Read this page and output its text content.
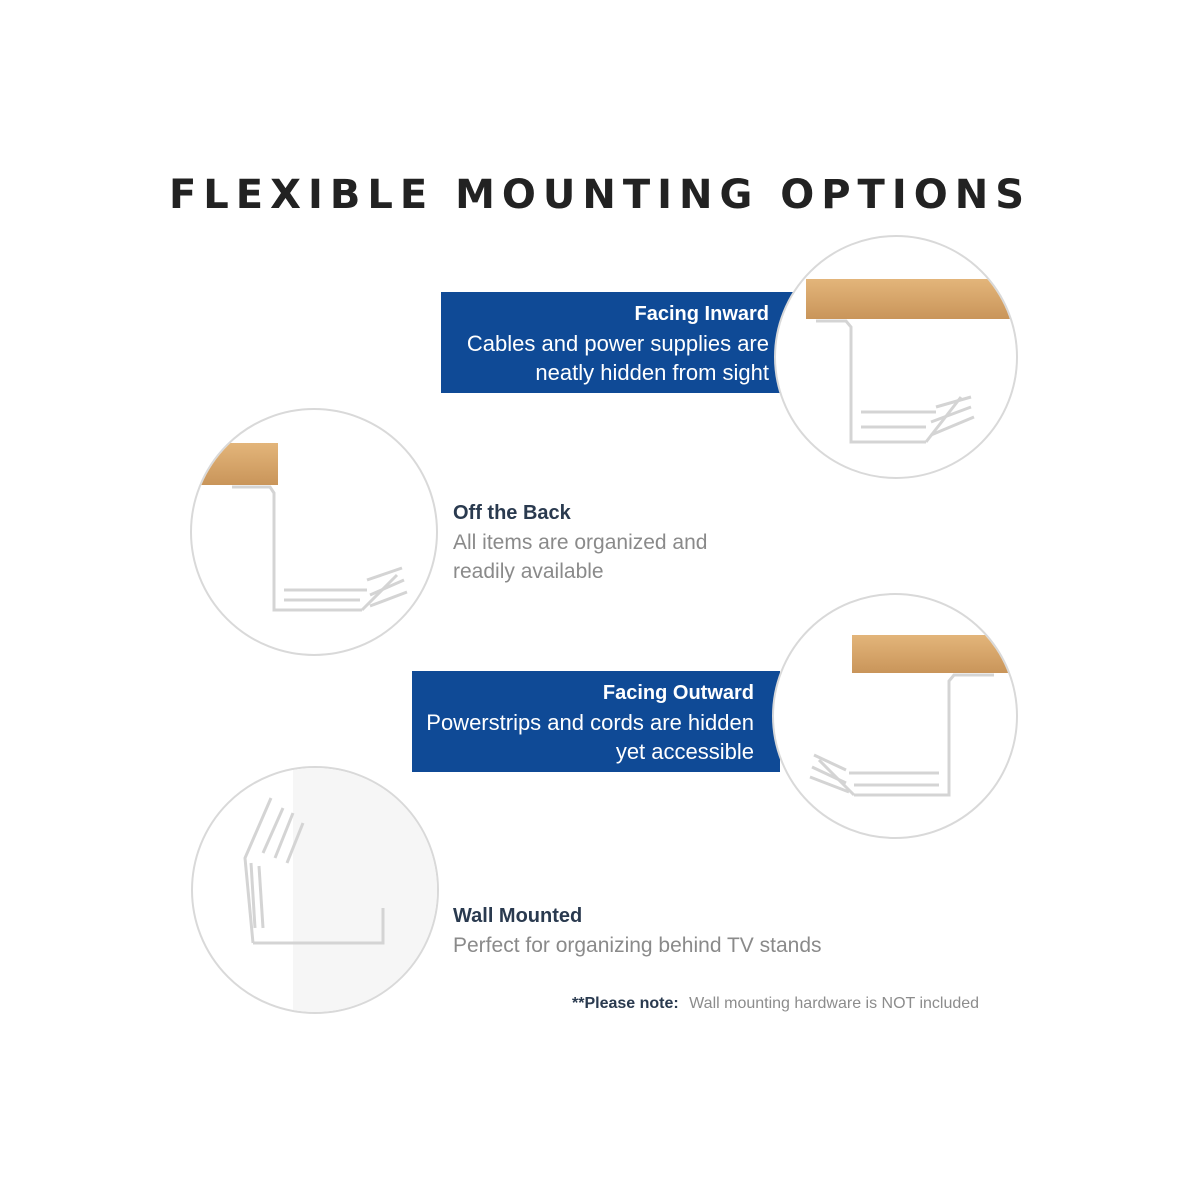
FLEXIBLE MOUNTING OPTIONS
Facing Inward
Cables and power supplies are
neatly hidden from sight
Off the Back
All items are organized and
readily available
Facing Outward
Powerstrips and cords are hidden
yet accessible
Wall Mounted
Perfect for organizing behind TV stands
**Please note: Wall mounting hardware is NOT included
